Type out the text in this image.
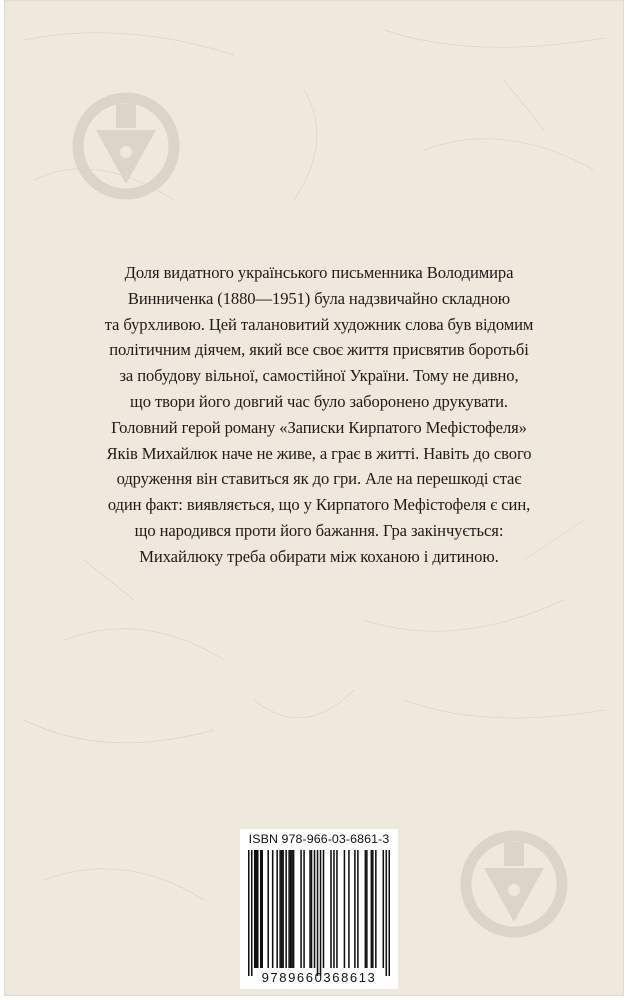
Доля видатного українського письменника Володимира
Винниченка (1880—1951) була надзвичайно складною
та бурхливою. Цей талановитий художник слова був відомим
політичним діячем, який все своє життя присвятив боротьбі
за побудову вільної, самостійної України. Тому не дивно,
що твори його довгий час було заборонено друкувати.
Головний герой роману «Записки Кирпатого Мефістофеля»
Яків Михайлюк наче не живе, а грає в житті. Навіть до свого
одруження він ставиться як до гри. Але на перешкоді стає
один факт: виявляється, що у Кирпатого Мефістофеля є син,
що народився проти його бажання. Гра закінчується:
Михайлюку треба обирати між коханою і дитиною.

ISBN 978-966-03-6861-3
9789660368613
